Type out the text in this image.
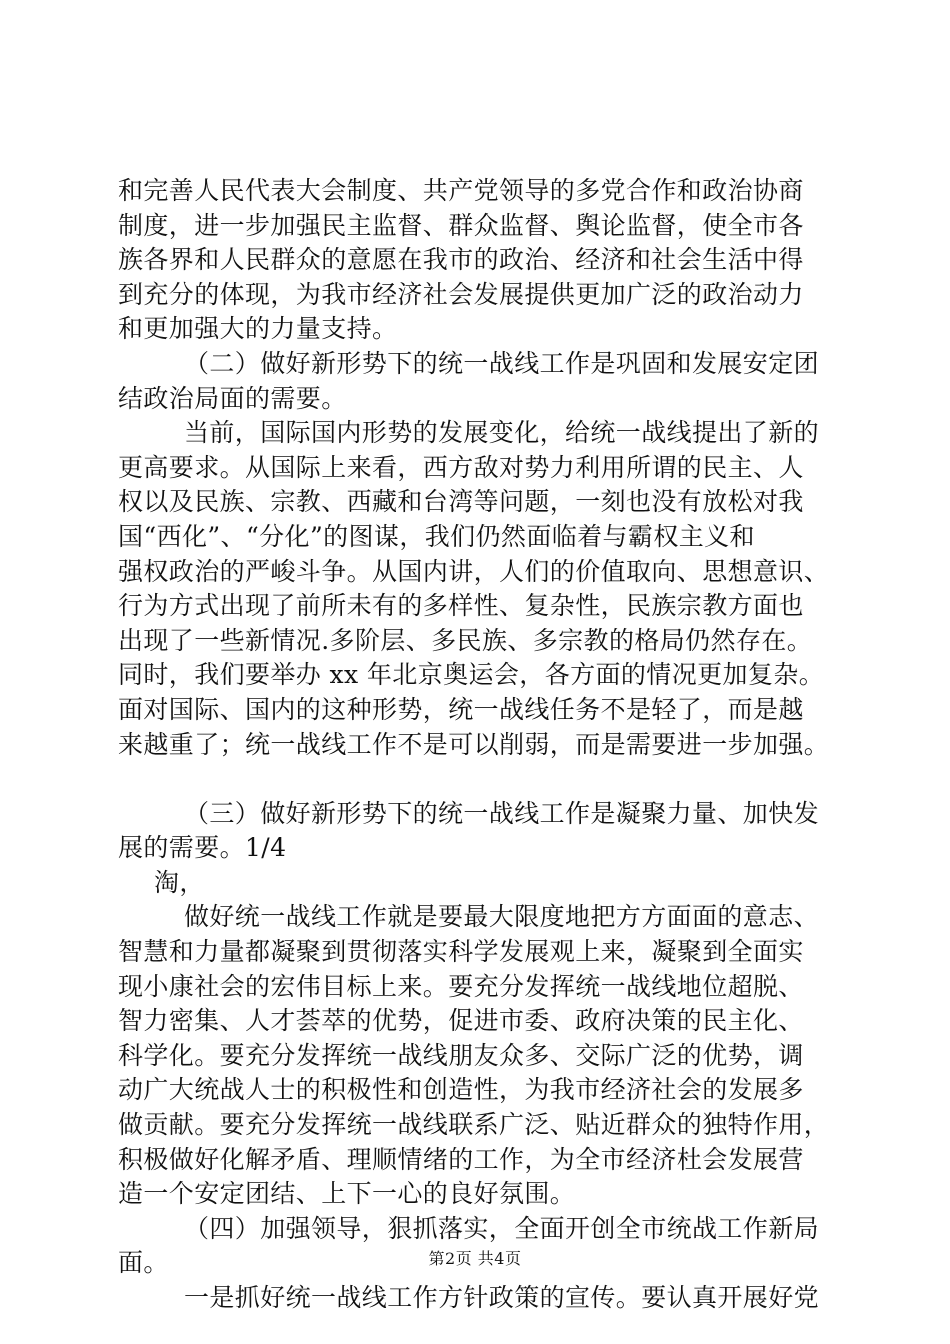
和完善人民代表大会制度、共产党领导的多党合作和政治协商
制度，进一步加强民主监督、群众监督、舆论监督，使全市各
族各界和人民群众的意愿在我市的政治、经济和社会生活中得
到充分的体现，为我市经济社会发展提供更加广泛的政治动力
和更加强大的力量支持。
（二）做好新形势下的统一战线工作是巩固和发展安定团
结政治局面的需要。
当前，国际国内形势的发展变化，给统一战线提出了新的
更高要求。从国际上来看，西方敌对势力利用所谓的民主、人
权以及民族、宗教、西藏和台湾等问题，一刻也没有放松对我
国“西化”、“分化”的图谋，我们仍然面临着与霸权主义和
强权政治的严峻斗争。从国内讲，人们的价值取向、思想意识、
行为方式出现了前所未有的多样性、复杂性，民族宗教方面也
出现了一些新情况.多阶层、多民族、多宗教的格局仍然存在。
同时，我们要举办 xx 年北京奥运会，各方面的情况更加复杂。
面对国际、国内的这种形势，统一战线任务不是轻了，而是越
来越重了；统一战线工作不是可以削弱，而是需要进一步加强。
（三）做好新形势下的统一战线工作是凝聚力量、加快发
展的需要。1/4
淘，
做好统一战线工作就是要最大限度地把方方面面的意志、
智慧和力量都凝聚到贯彻落实科学发展观上来，凝聚到全面实
现小康社会的宏伟目标上来。要充分发挥统一战线地位超脱、
智力密集、人才荟萃的优势，促进市委、政府决策的民主化、
科学化。要充分发挥统一战线朋友众多、交际广泛的优势，调
动广大统战人士的积极性和创造性，为我市经济社会的发展多
做贡献。要充分发挥统一战线联系广泛、贴近群众的独特作用，
积极做好化解矛盾、理顺情绪的工作，为全市经济杜会发展营
造一个安定团结、上下一心的良好氛围。
（四）加强领导，狠抓落实，全面开创全市统战工作新局
面。
一是抓好统一战线工作方针政策的宣传。要认真开展好党
第2页 共4页
